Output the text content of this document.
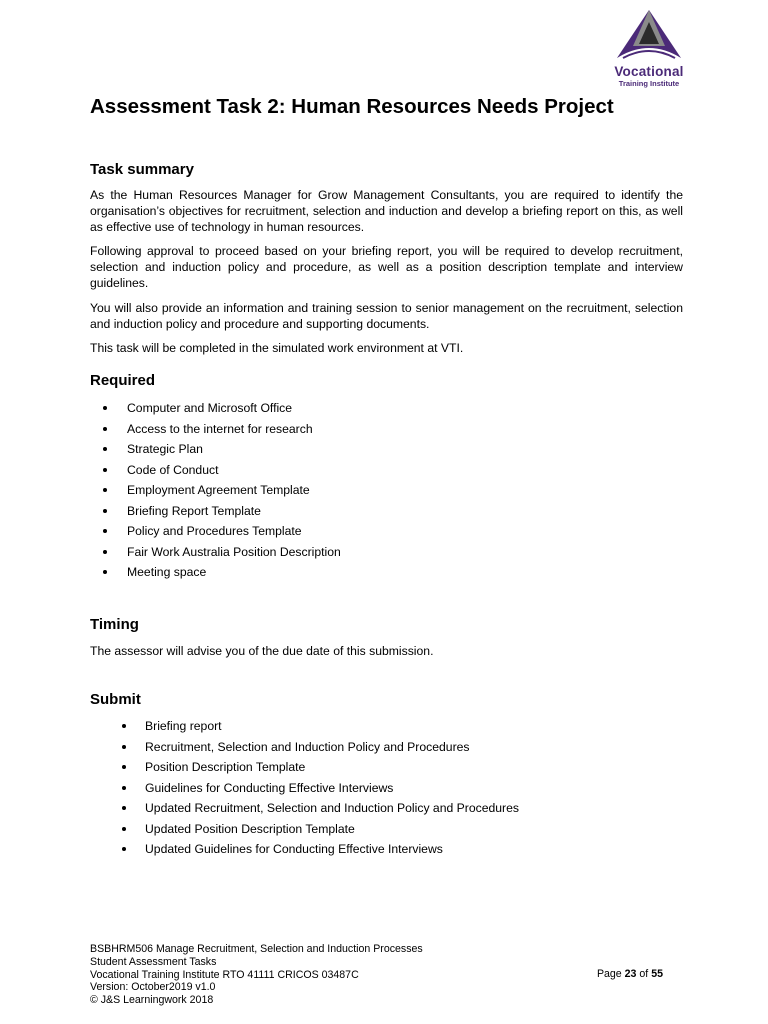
Vocational
Training Institute
Assessment Task 2: Human Resources Needs Project
Task summary

As the Human Resources Manager for Grow Management Consultants, you are required to identify the organisation’s objectives for recruitment, selection and induction and develop a briefing report on this, as well as effective use of technology in human resources.

Following approval to proceed based on your briefing report, you will be required to develop recruitment, selection and induction policy and procedure, as well as a position description template and interview guidelines.

You will also provide an information and training session to senior management on the recruitment, selection and induction policy and procedure and supporting documents.

This task will be completed in the simulated work environment at VTI.

Required
Computer and Microsoft Office
Access to the internet for research
Strategic Plan
Code of Conduct
Employment Agreement Template
Briefing Report Template
Policy and Procedures Template
Fair Work Australia Position Description
Meeting space
Timing

The assessor will advise you of the due date of this submission.

Submit
Briefing report
Recruitment, Selection and Induction Policy and Procedures
Position Description Template
Guidelines for Conducting Effective Interviews
Updated Recruitment, Selection and Induction Policy and Procedures
Updated Position Description Template
Updated Guidelines for Conducting Effective Interviews
BSBHRM506 Manage Recruitment, Selection and Induction Processes
Student Assessment Tasks
Vocational Training Institute RTO 41111 CRICOS 03487C
Version: October2019 v1.0
© J&S Learningwork 2018
Page 23 of 55
